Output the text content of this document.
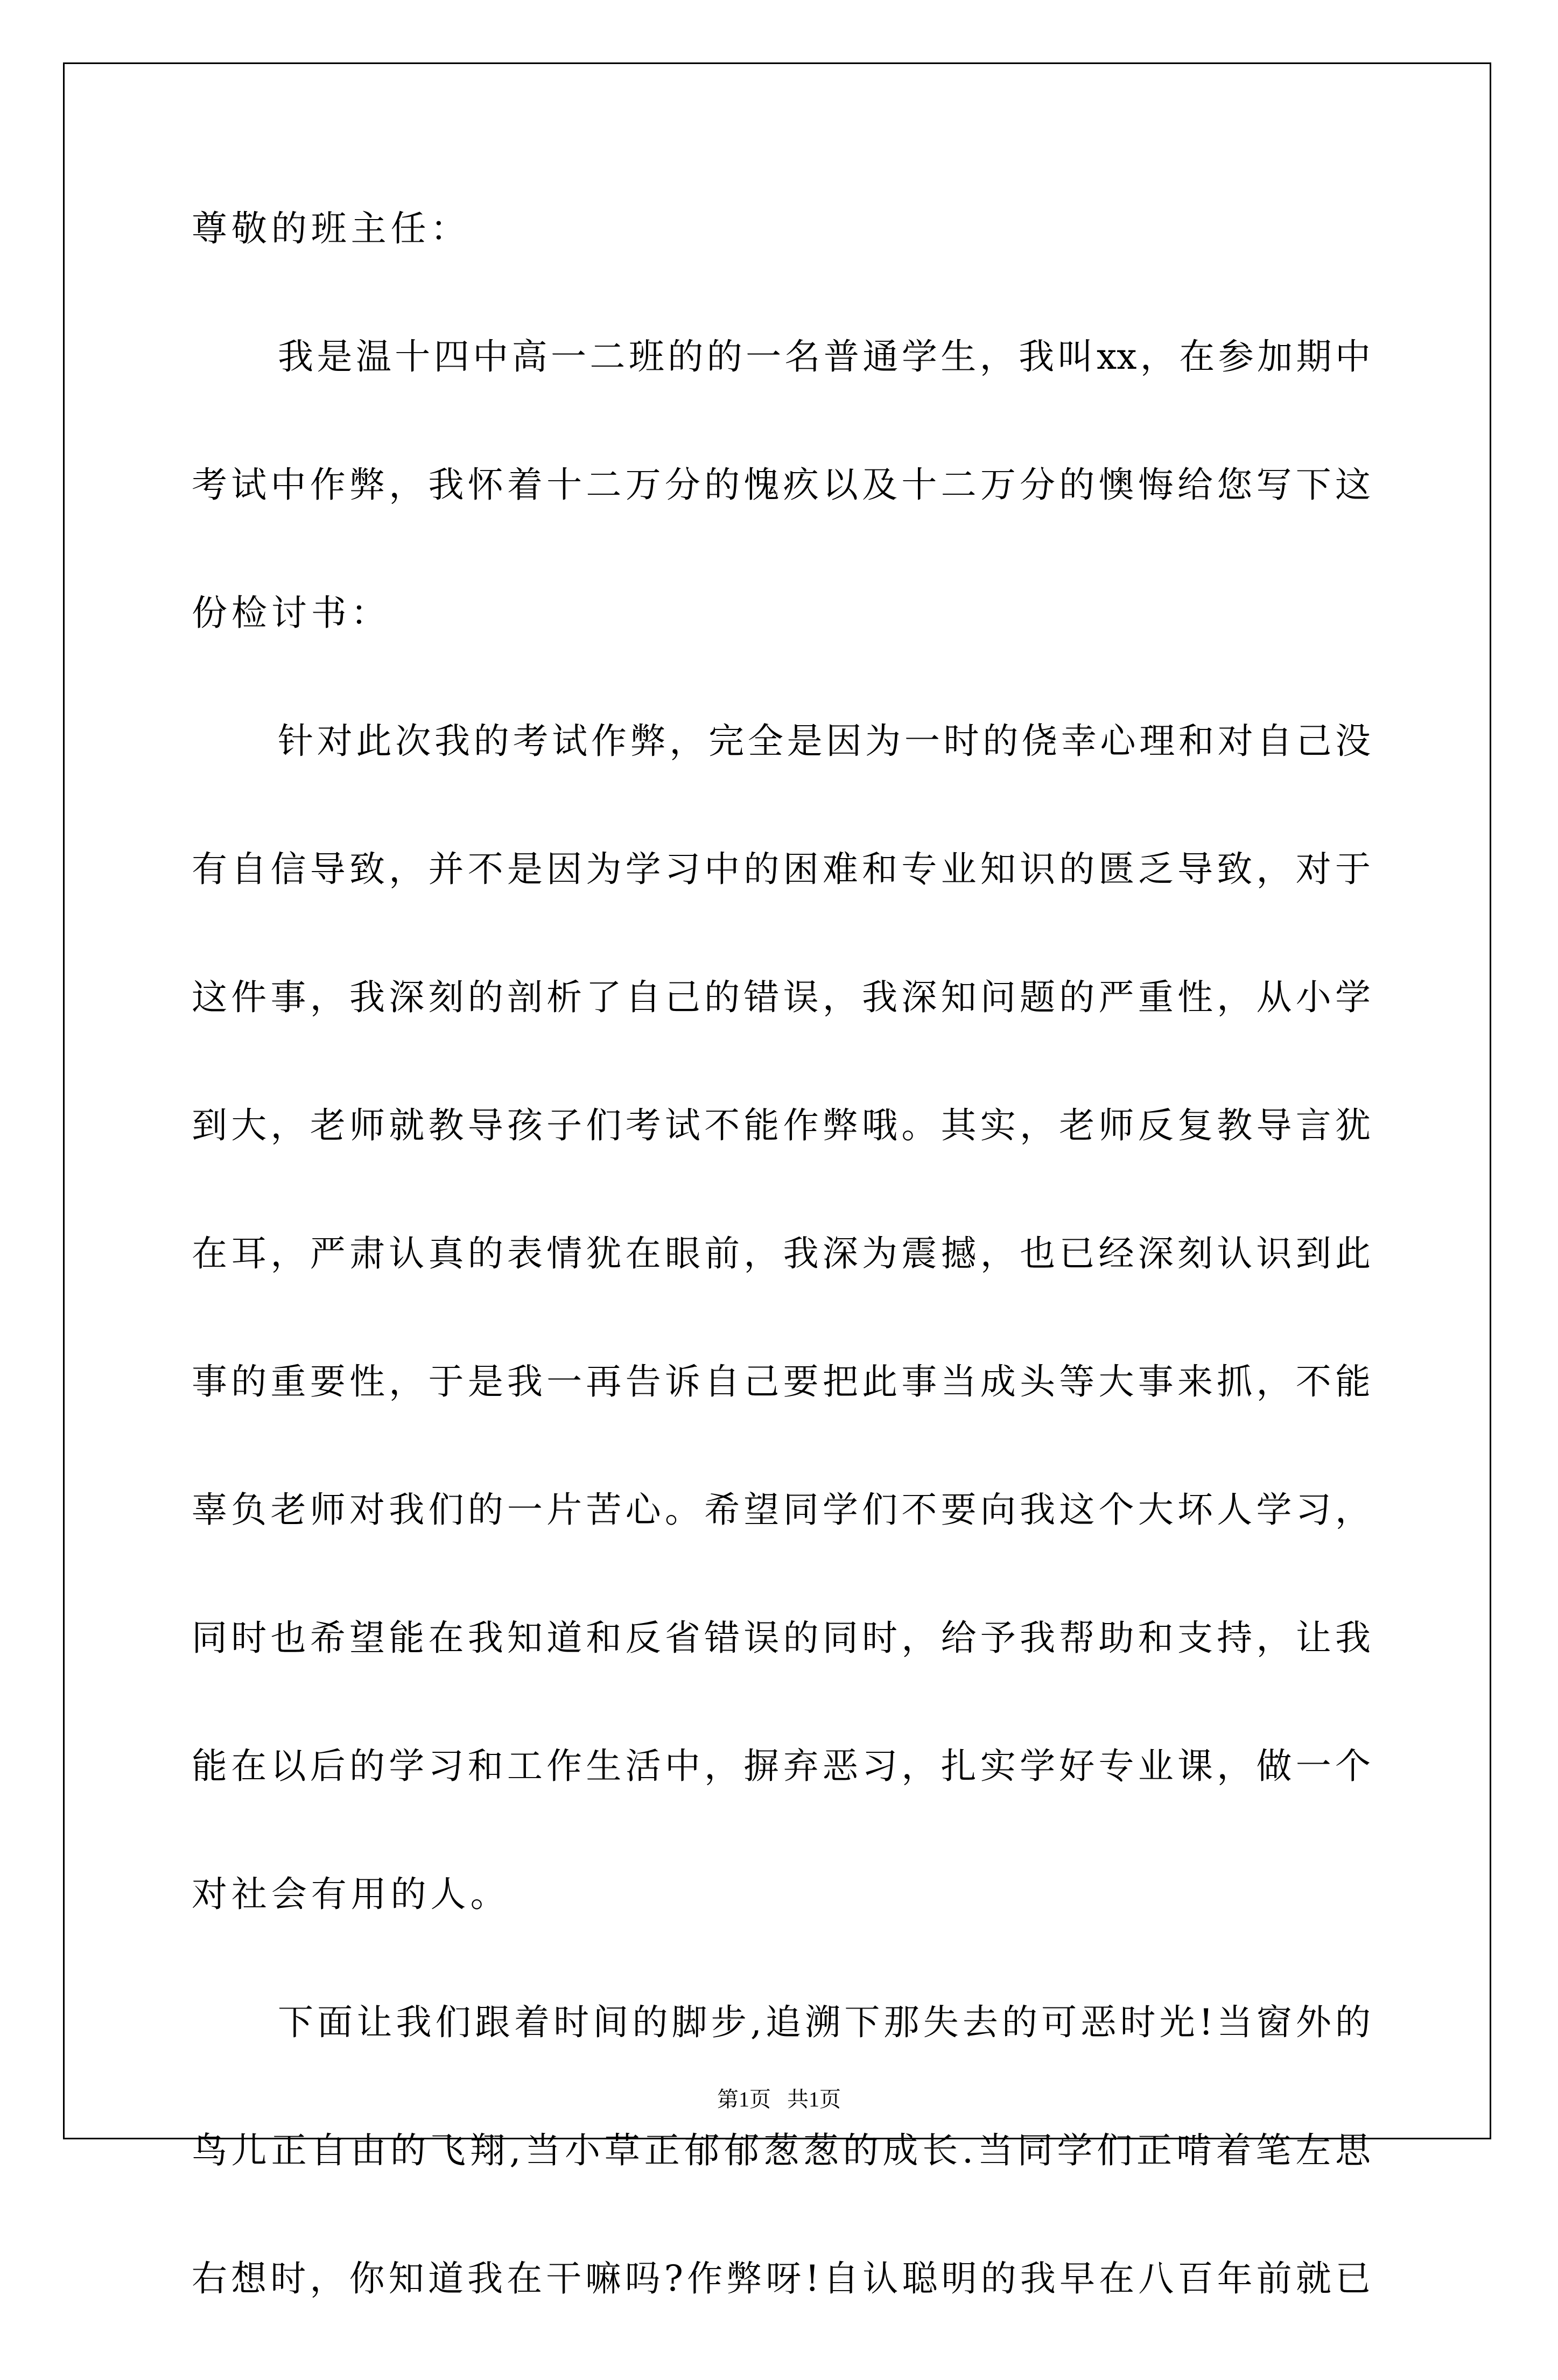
尊敬的班主任：
我是温十四中高一二班的的一名普通学生，我叫xx，在参加期中
考试中作弊，我怀着十二万分的愧疚以及十二万分的懊悔给您写下这
份检讨书：
针对此次我的考试作弊，完全是因为一时的侥幸心理和对自己没
有自信导致，并不是因为学习中的困难和专业知识的匮乏导致，对于
这件事，我深刻的剖析了自己的错误，我深知问题的严重性，从小学
到大，老师就教导孩子们考试不能作弊哦。其实，老师反复教导言犹
在耳，严肃认真的表情犹在眼前，我深为震撼，也已经深刻认识到此
事的重要性，于是我一再告诉自己要把此事当成头等大事来抓，不能
辜负老师对我们的一片苦心。希望同学们不要向我这个大坏人学习，
同时也希望能在我知道和反省错误的同时，给予我帮助和支持，让我
能在以后的学习和工作生活中，摒弃恶习，扎实学好专业课，做一个
对社会有用的人。
下面让我们跟着时间的脚步,追溯下那失去的可恶时光!当窗外的
鸟儿正自由的飞翔,当小草正郁郁葱葱的成长.当同学们正啃着笔左思
右想时，你知道我在干嘛吗?作弊呀!自认聪明的我早在八百年前就已
第1页   共1页
